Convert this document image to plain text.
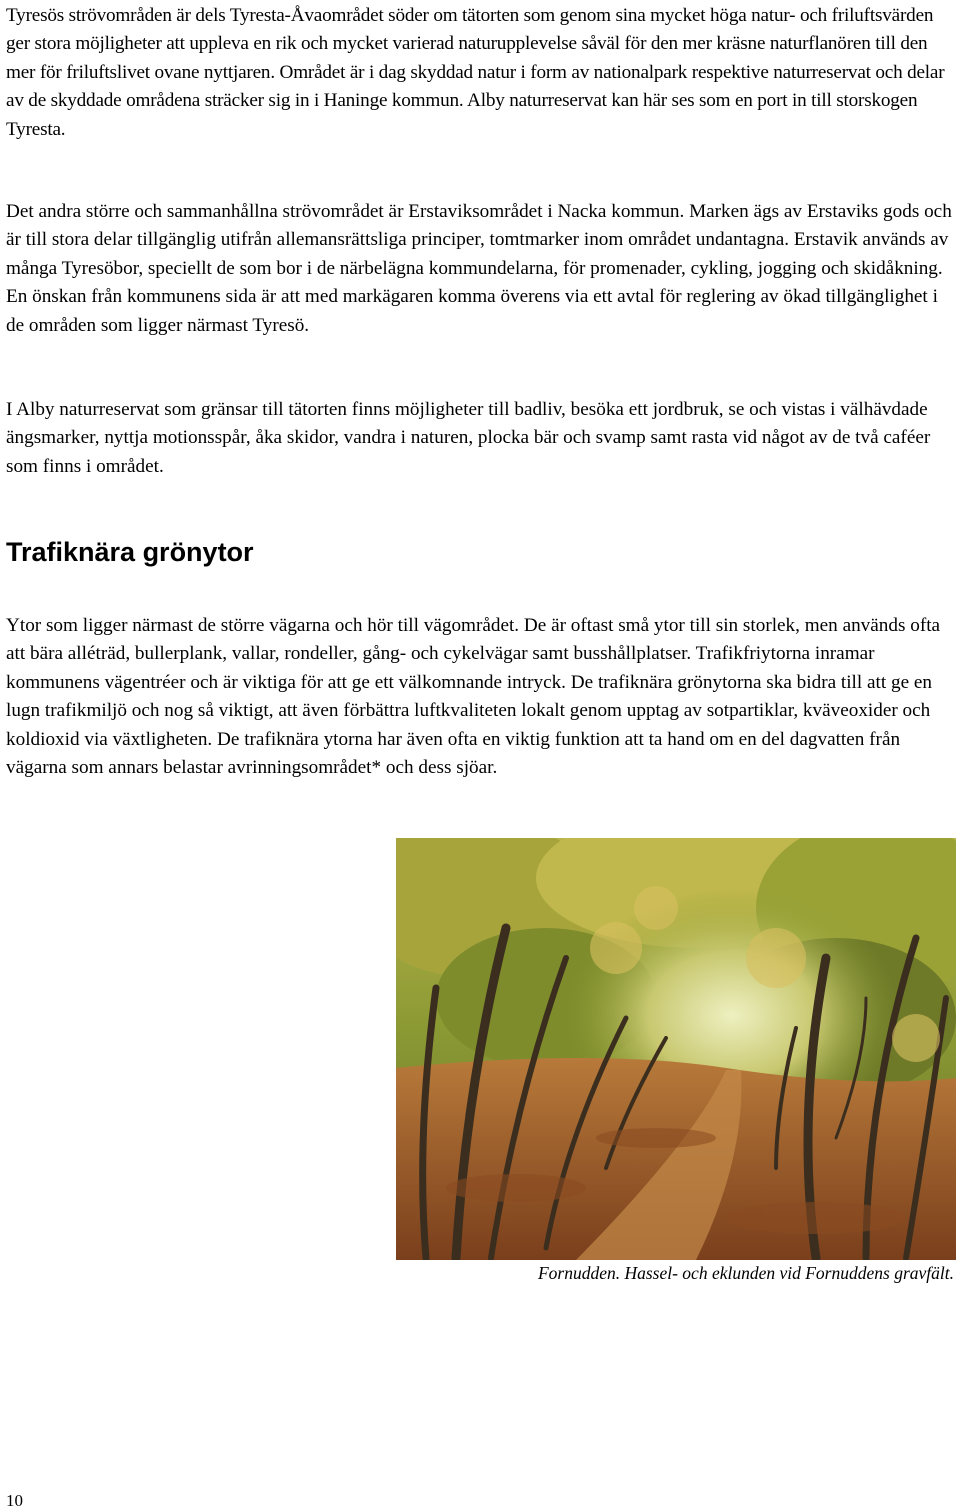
Tyresös strövområden är dels Tyresta-Åvaområdet söder om tätorten som genom sina mycket höga natur- och friluftsvärden ger stora möjligheter att uppleva en rik och mycket varierad naturupplevelse såväl för den mer kräsne naturflanören till den mer för friluftslivet ovane nyttjaren. Området är i dag skyddad natur i form av nationalpark respektive naturreservat och delar av de skyddade områdena sträcker sig in i Haninge kommun. Alby naturreservat kan här ses som en port in till storskogen Tyresta.

Det andra större och sammanhållna strövområdet är Erstaviksområdet i Nacka kommun. Marken ägs av Erstaviks gods och är till stora delar tillgänglig utifrån allemansrättsliga principer, tomtmarker inom området undantagna. Erstavik används av många Tyresöbor, speciellt de som bor i de närbelägna kommundelarna, för promenader, cykling, jogging och skidåkning. En önskan från kommunens sida är att med markägaren komma överens via ett avtal för reglering av ökad tillgänglighet i de områden som ligger närmast Tyresö.

I Alby naturreservat som gränsar till tätorten finns möjligheter till badliv, besöka ett jordbruk, se och vistas i välhävdade ängsmarker, nyttja motionsspår, åka skidor, vandra i naturen, plocka bär och svamp samt rasta vid något av de två caféer som finns i området.

Trafiknära grönytor

Ytor som ligger närmast de större vägarna och hör till vägområdet. De är oftast små ytor till sin storlek, men används ofta att bära alléträd, bullerplank, vallar, rondeller, gång- och cykelvägar samt busshållplatser. Trafikfriytorna inramar kommunens vägentréer och är viktiga för att ge ett välkomnande intryck. De trafiknära grönytorna ska bidra till att ge en lugn trafikmiljö och nog så viktigt, att även förbättra luftkvaliteten lokalt genom upptag av sotpartiklar, kväveoxider och koldioxid via växtligheten. De trafiknära ytorna har även ofta en viktig funktion att ta hand om en del dagvatten från vägarna som annars belastar avrinningsområdet* och dess sjöar.

Fornudden. Hassel- och eklunden vid Fornuddens gravfält.

10
